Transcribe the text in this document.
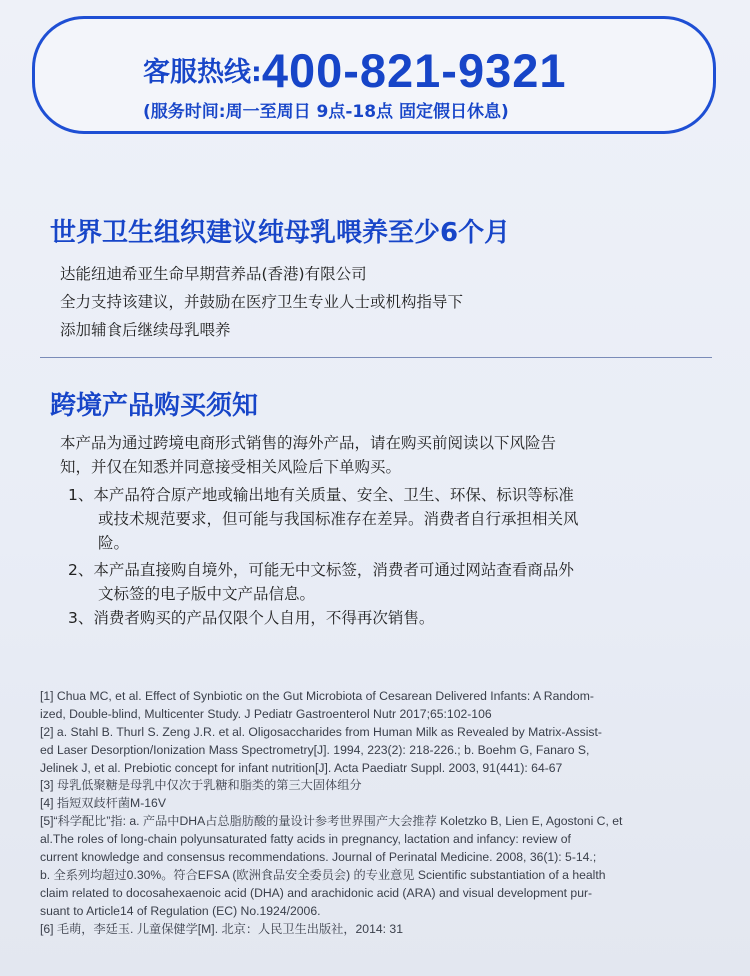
客服热线:400-821-9321
(服务时间:周一至周日 9点-18点 固定假日休息)
世界卫生组织建议纯母乳喂养至少6个月
达能纽迪希亚生命早期营养品(香港)有限公司
全力支持该建议，并鼓励在医疗卫生专业人士或机构指导下
添加辅食后继续母乳喂养
跨境产品购买须知
本产品为通过跨境电商形式销售的海外产品，请在购买前阅读以下风险告
知，并仅在知悉并同意接受相关风险后下单购买。
1、本产品符合原产地或输出地有关质量、安全、卫生、环保、标识等标准
或技术规范要求，但可能与我国标准存在差异。消费者自行承担相关风
险。
2、本产品直接购自境外，可能无中文标签，消费者可通过网站查看商品外
文标签的电子版中文产品信息。
3、消费者购买的产品仅限个人自用，不得再次销售。
[1] Chua MC, et al. Effect of Synbiotic on the Gut Microbiota of Cesarean Delivered Infants: A Random-
ized, Double-blind, Multicenter Study. J Pediatr Gastroenterol Nutr 2017;65:102-106
[2] a. Stahl B. Thurl S. Zeng J.R. et al. Oligosaccharides from Human Milk as Revealed by Matrix-Assist-
ed Laser Desorption/Ionization Mass Spectrometry[J]. 1994, 223(2): 218-226.; b. Boehm G, Fanaro S,
Jelinek J, et al. Prebiotic concept for infant nutrition[J]. Acta Paediatr Suppl. 2003, 91(441): 64-67
[3] 母乳低聚糖是母乳中仅次于乳糖和脂类的第三大固体组分
[4] 指短双歧杆菌M-16V
[5]“科学配比”指: a. 产品中DHA占总脂肪酸的量设计参考世界围产大会推荐 Koletzko B, Lien E, Agostoni C, et
al.The roles of long-chain polyunsaturated fatty acids in pregnancy, lactation and infancy: review of
current knowledge and consensus recommendations. Journal of Perinatal Medicine. 2008, 36(1): 5-14.;
b. 全系列均超过0.30%。符合EFSA (欧洲食品安全委员会) 的专业意见 Scientific substantiation of a health
claim related to docosahexaenoic acid (DHA) and arachidonic acid (ARA) and visual development pur-
suant to Article14 of Regulation (EC) No.1924/2006.
[6] 毛萌，李廷玉. 儿童保健学[M]. 北京：人民卫生出版社，2014: 31
